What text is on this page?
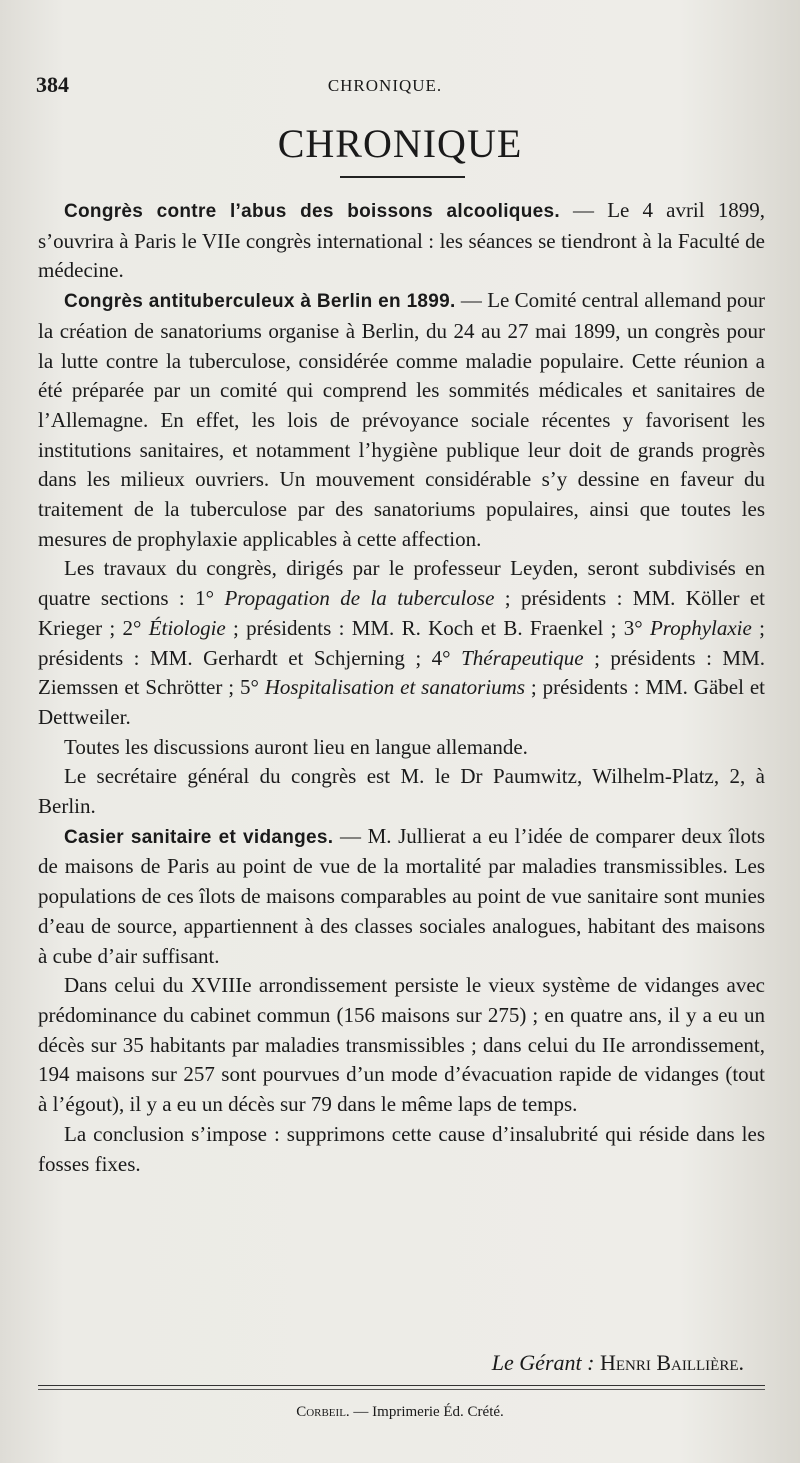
384	CHRONIQUE.
CHRONIQUE

Congrès contre l’abus des boissons alcooliques. — Le 4 avril 1899, s’ouvrira à Paris le VIIe congrès international : les séances se tiendront à la Faculté de médecine.

Congrès antituberculeux à Berlin en 1899. — Le Comité central allemand pour la création de sanatoriums organise à Berlin, du 24 au 27 mai 1899, un congrès pour la lutte contre la tuberculose, considérée comme maladie populaire. Cette réunion a été préparée par un comité qui comprend les sommités médicales et sanitaires de l’Allemagne. En effet, les lois de prévoyance sociale récentes y favorisent les institutions sanitaires, et notamment l’hygiène publique leur doit de grands progrès dans les milieux ouvriers. Un mouvement considérable s’y dessine en faveur du traitement de la tuberculose par des sanatoriums populaires, ainsi que toutes les mesures de prophylaxie applicables à cette affection.

Les travaux du congrès, dirigés par le professeur Leyden, seront subdivisés en quatre sections : 1° Propagation de la tuberculose ; présidents : MM. Köller et Krieger ; 2° Étiologie ; présidents : MM. R. Koch et B. Fraenkel ; 3° Prophylaxie ; présidents : MM. Gerhardt et Schjerning ; 4° Thérapeutique ; présidents : MM. Ziemssen et Schrötter ; 5° Hospitalisation et sanatoriums ; présidents : MM. Gäbel et Dettweiler.

Toutes les discussions auront lieu en langue allemande.

Le secrétaire général du congrès est M. le Dr Paumwitz, Wilhelm-Platz, 2, à Berlin.

Casier sanitaire et vidanges. — M. Jullierat a eu l’idée de comparer deux îlots de maisons de Paris au point de vue de la mortalité par maladies transmissibles. Les populations de ces îlots de maisons comparables au point de vue sanitaire sont munies d’eau de source, appartiennent à des classes sociales analogues, habitant des maisons à cube d’air suffisant.

Dans celui du XVIIIe arrondissement persiste le vieux système de vidanges avec prédominance du cabinet commun (156 maisons sur 275) ; en quatre ans, il y a eu un décès sur 35 habitants par maladies transmissibles ; dans celui du IIe arrondissement, 194 maisons sur 257 sont pourvues d’un mode d’évacuation rapide de vidanges (tout à l’égout), il y a eu un décès sur 79 dans le même laps de temps.

La conclusion s’impose : supprimons cette cause d’insalubrité qui réside dans les fosses fixes.

Le Gérant : Henri Baillière.
Corbeil. — Imprimerie Éd. Crété.
